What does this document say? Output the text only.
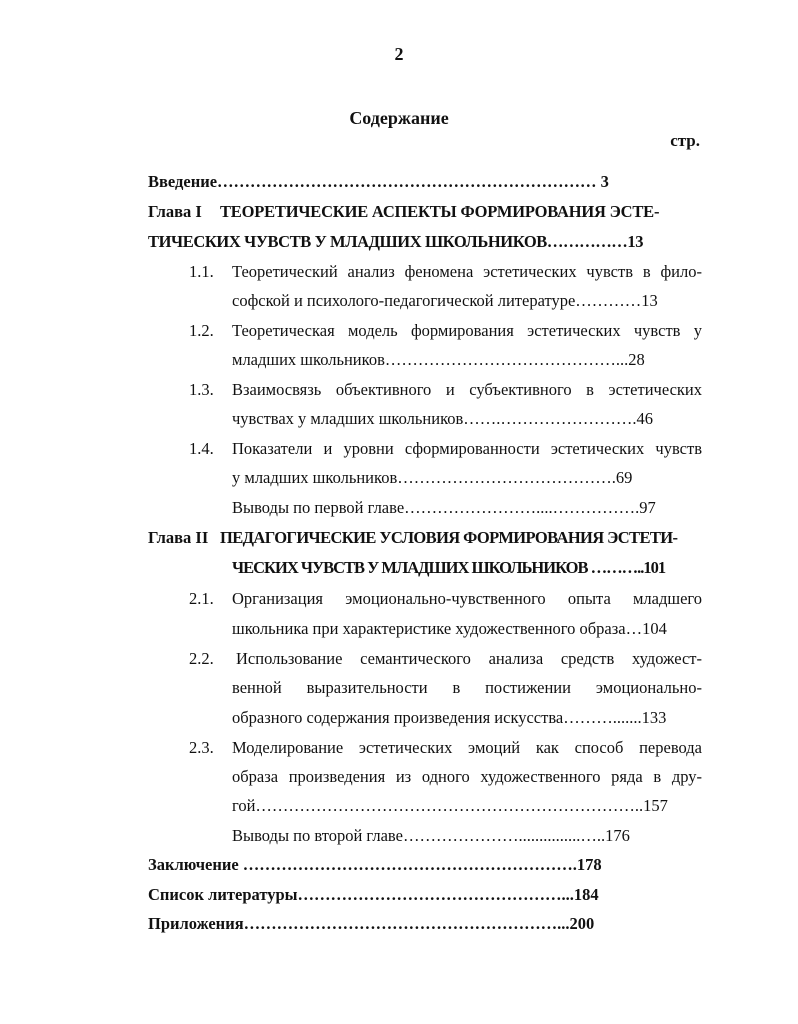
2
Содержание
стр.
Введение…………………………………………………………… 3
Глава I ТЕОРЕТИЧЕСКИЕ АСПЕКТЫ ФОРМИРОВАНИЯ ЭСТЕ-
ТИЧЕСКИХ ЧУВСТВ У МЛАДШИХ ШКОЛЬНИКОВ……………13
1.1. Теоретический анализ феномена эстетических чувств в фило-
софской и психолого-педагогической литературе…………13
1.2. Теоретическая модель формирования эстетических чувств у
младших школьников……………………………………...28
1.3. Взаимосвязь объективного и субъективного в эстетических
чувствах у младших школьников…….…………………….46
1.4. Показатели и уровни сформированности эстетических чувств
у младших школьников………………………………….69
Выводы по первой главе……………………....…………….97
Глава II ПЕДАГОГИЧЕСКИЕ УСЛОВИЯ ФОРМИРОВАНИЯ ЭСТЕТИ-
ЧЕСКИХ ЧУВСТВ У МЛАДШИХ ШКОЛЬНИКОВ ………..101
2.1. Организация эмоционально-чувственного опыта младшего
школьника при характеристике художественного образа…104
2.2. Использование семантического анализа средств художест-
венной выразительности в постижении эмоционально-
образного содержания произведения искусства……….......133
2.3. Моделирование эстетических эмоций как способ перевода
образа произведения из одного художественного ряда в дру-
гой……………………………………………………………..157
Выводы по второй главе…………………...............…..176
Заключение …………………………………………………….178
Список литературы…………………………………………...184
Приложения…………………………………………………...200
